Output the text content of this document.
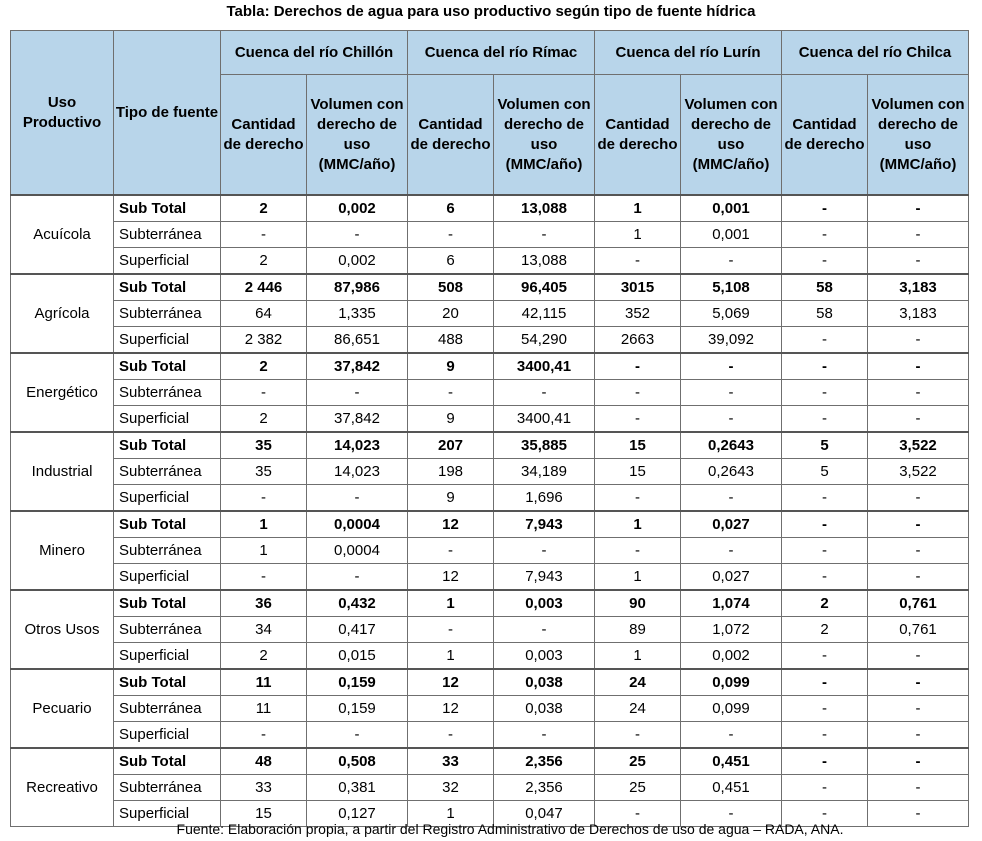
Tabla: Derechos de agua para uso productivo según tipo de fuente hídrica
Uso Productivo	Tipo de fuente	Cuenca del río Chillón		Cuenca del río Rímac		Cuenca del río Lurín		Cuenca del río Chilca	
		Cantidad de derecho	Volumen con derecho de uso (MMC/año)	Cantidad de derecho	Volumen con derecho de uso (MMC/año)	Cantidad de derecho	Volumen con derecho de uso (MMC/año)	Cantidad de derecho	Volumen con derecho de uso (MMC/año)
Acuícola	Sub Total	2	0,002	6	13,088	1	0,001	-	-
	Subterránea	-	-	-	-	1	0,001	-	-
	Superficial	2	0,002	6	13,088	-	-	-	-
Agrícola	Sub Total	2 446	87,986	508	96,405	3015	5,108	58	3,183
	Subterránea	64	1,335	20	42,115	352	5,069	58	3,183
	Superficial	2 382	86,651	488	54,290	2663	39,092	-	-
Energético	Sub Total	2	37,842	9	3400,41	-	-	-	-
	Subterránea	-	-	-	-	-	-	-	-
	Superficial	2	37,842	9	3400,41	-	-	-	-
Industrial	Sub Total	35	14,023	207	35,885	15	0,2643	5	3,522
	Subterránea	35	14,023	198	34,189	15	0,2643	5	3,522
	Superficial	-	-	9	1,696	-	-	-	-
Minero	Sub Total	1	0,0004	12	7,943	1	0,027	-	-
	Subterránea	1	0,0004	-	-	-	-	-	-
	Superficial	-	-	12	7,943	1	0,027	-	-
Otros Usos	Sub Total	36	0,432	1	0,003	90	1,074	2	0,761
	Subterránea	34	0,417	-	-	89	1,072	2	0,761
	Superficial	2	0,015	1	0,003	1	0,002	-	-
Pecuario	Sub Total	11	0,159	12	0,038	24	0,099	-	-
	Subterránea	11	0,159	12	0,038	24	0,099	-	-
	Superficial	-	-	-	-	-	-	-	-
Recreativo	Sub Total	48	0,508	33	2,356	25	0,451	-	-
	Subterránea	33	0,381	32	2,356	25	0,451	-	-
	Superficial	15	0,127	1	0,047	-	-	-	-
Fuente: Elaboración propia, a partir del Registro Administrativo de Derechos de uso de agua – RADA, ANA.
